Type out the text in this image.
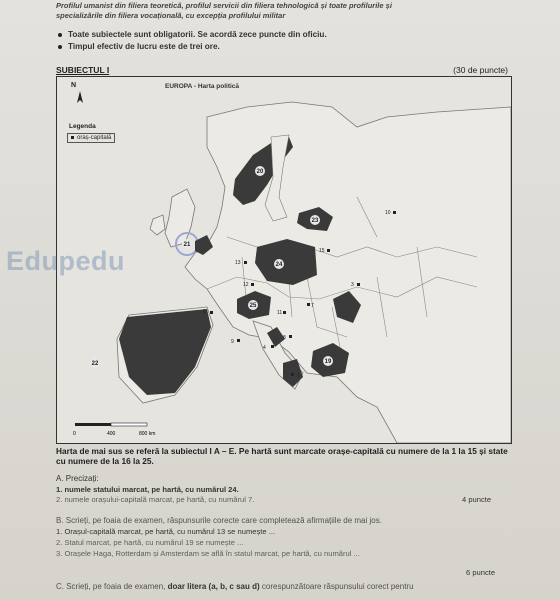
Profilul umanist din filiera teoretică, profilul servicii din filiera tehnologică și toate profilurile și
specializările din filiera vocațională, cu excepția profilului militar
Toate subiectele sunt obligatorii. Se acordă zece puncte din oficiu.
Timpul efectiv de lucru este de trei ore.
SUBIECTUL I	(30 de puncte)
20
22
24
25
21
19
23
10
13
15
12	3
6	11
8
4
1
7
9
0	400	800 km
EUROPA - Harta politică
N
Legenda
oraș-capitală
Edupedu
Harta de mai sus se referă la subiectul I A – E. Pe hartă sunt marcate orașe-capitală cu numere de la 1 la 15 și state cu numere de la 16 la 25.
A. Precizați:
1. numele statului marcat, pe hartă, cu numărul 24.
2. numele orașului-capitală marcat, pe hartă, cu numărul 7.	4 puncte
B. Scrieți, pe foaia de examen, răspunsurile corecte care completează afirmațiile de mai jos.
1. Orașul-capitală marcat, pe hartă, cu numărul 13 se numește ...
2. Statul marcat, pe hartă, cu numărul 19 se numește ...
3. Orașele Haga, Rotterdam și Amsterdam se află în statul marcat, pe hartă, cu numărul ...
6 puncte
C. Scrieți, pe foaia de examen, doar litera (a, b, c sau d) corespunzătoare răspunsului corect pentru
